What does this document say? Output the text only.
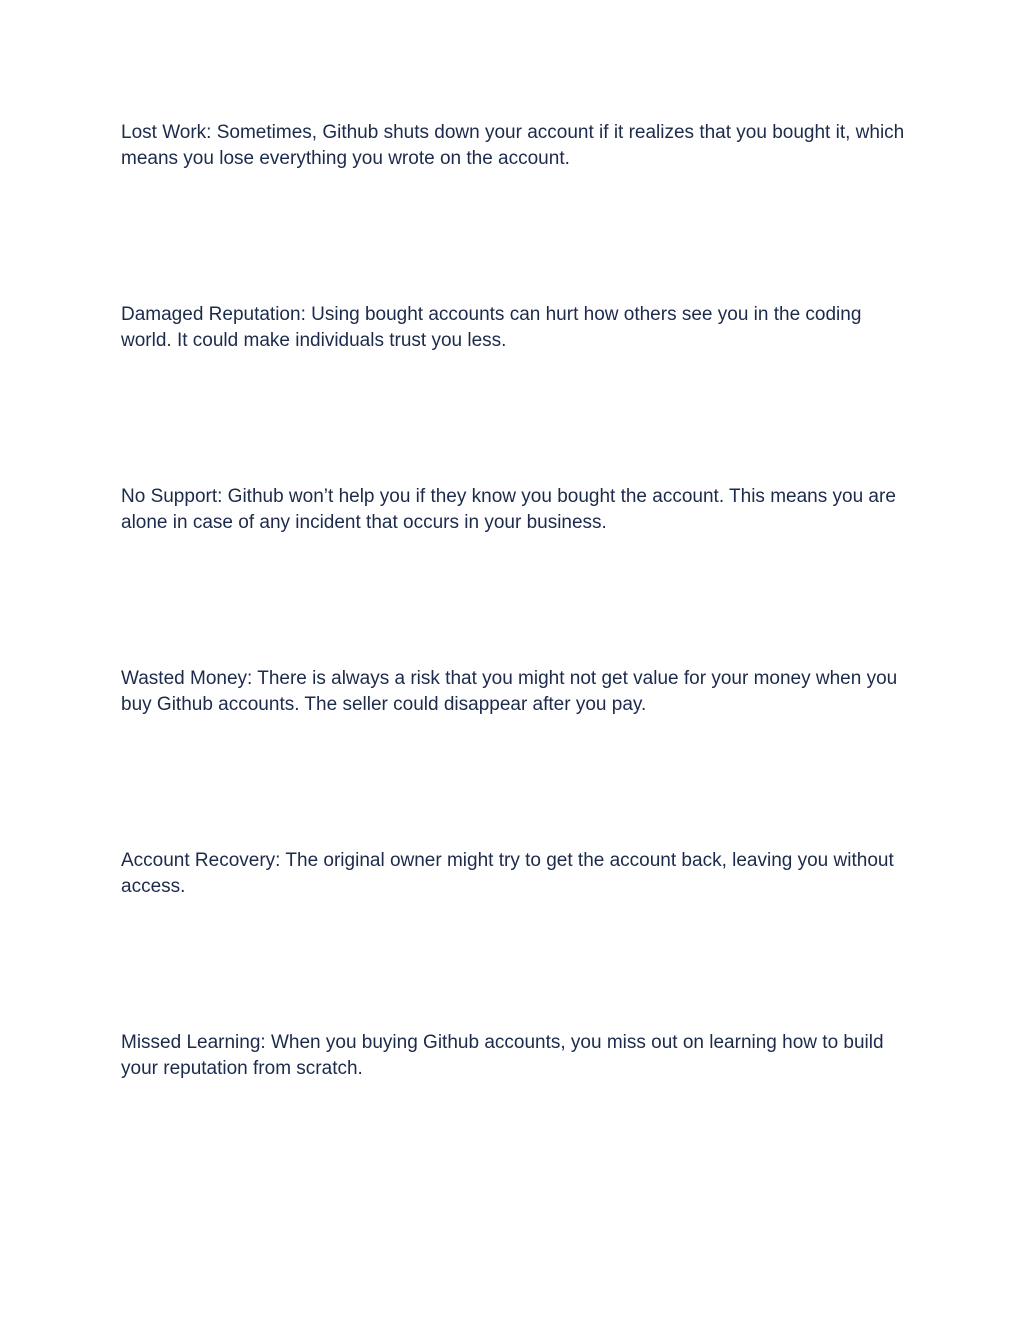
Lost Work: Sometimes, Github shuts down your account if it realizes that you bought it, which means you lose everything you wrote on the account.

Damaged Reputation: Using bought accounts can hurt how others see you in the coding world. It could make individuals trust you less.

No Support: Github won’t help you if they know you bought the account. This means you are alone in case of any incident that occurs in your business.

Wasted Money: There is always a risk that you might not get value for your money when you buy Github accounts. The seller could disappear after you pay.

Account Recovery: The original owner might try to get the account back, leaving you without access.

Missed Learning: When you buying Github accounts, you miss out on learning how to build your reputation from scratch.
